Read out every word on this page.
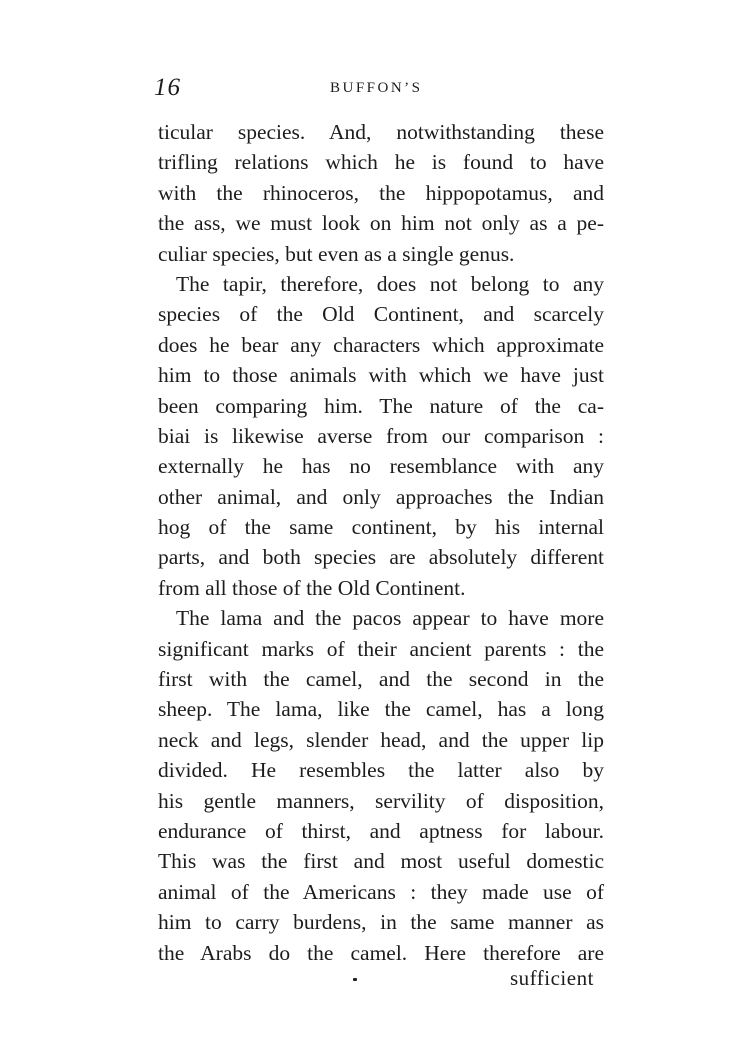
16	BUFFON’S
ticular species. And, notwithstanding these
trifling relations which he is found to have
with the rhinoceros, the hippopotamus, and
the ass, we must look on him not only as a pe-
culiar species, but even as a single genus.
The tapir, therefore, does not belong to any
species of the Old Continent, and scarcely
does he bear any characters which approximate
him to those animals with which we have just
been comparing him. The nature of the ca-
biai is likewise averse from our comparison :
externally he has no resemblance with any
other animal, and only approaches the Indian
hog of the same continent, by his internal
parts, and both species are absolutely different
from all those of the Old Continent.
The lama and the pacos appear to have more
significant marks of their ancient parents : the
first with the camel, and the second in the
sheep. The lama, like the camel, has a long
neck and legs, slender head, and the upper lip
divided. He resembles the latter also by
his gentle manners, servility of disposition,
endurance of thirst, and aptness for labour.
This was the first and most useful domestic
animal of the Americans : they made use of
him to carry burdens, in the same manner as
the Arabs do the camel. Here therefore are
sufficient
